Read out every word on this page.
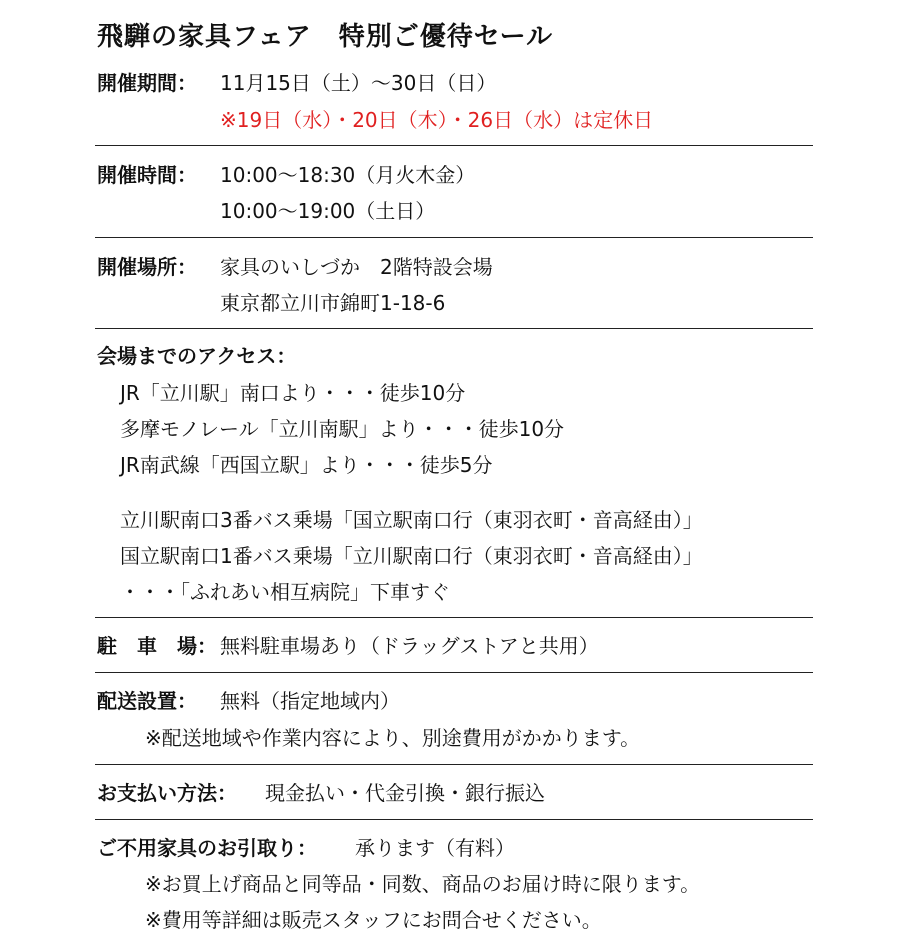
飛騨の家具フェア　特別ご優待セール
開催期間： 11月15日（土）～30日（日）
※19日（水）・20日（木）・26日（水）は定休日
開催時間： 10:00～18:30（月火木金）
10:00～19:00（土日）
開催場所： 家具のいしづか　2階特設会場
東京都立川市錦町1-18-6
会場までのアクセス：
JR「立川駅」南口より・・・徒歩10分
多摩モノレール「立川南駅」より・・・徒歩10分
JR南武線「西国立駅」より・・・徒歩5分
立川駅南口3番バス乗場「国立駅南口行（東羽衣町・音高経由）」
国立駅南口1番バス乗場「立川駅南口行（東羽衣町・音高経由）」
・・・「ふれあい相互病院」下車すぐ
駐　車　場： 無料駐車場あり（ドラッグストアと共用）
配送設置： 無料（指定地域内）
※配送地域や作業内容により、別途費用がかかります。
お支払い方法： 現金払い・代金引換・銀行振込
ご不用家具のお引取り： 承ります（有料）
※お買上げ商品と同等品・同数、商品のお届け時に限ります。
※費用等詳細は販売スタッフにお問合せください。
